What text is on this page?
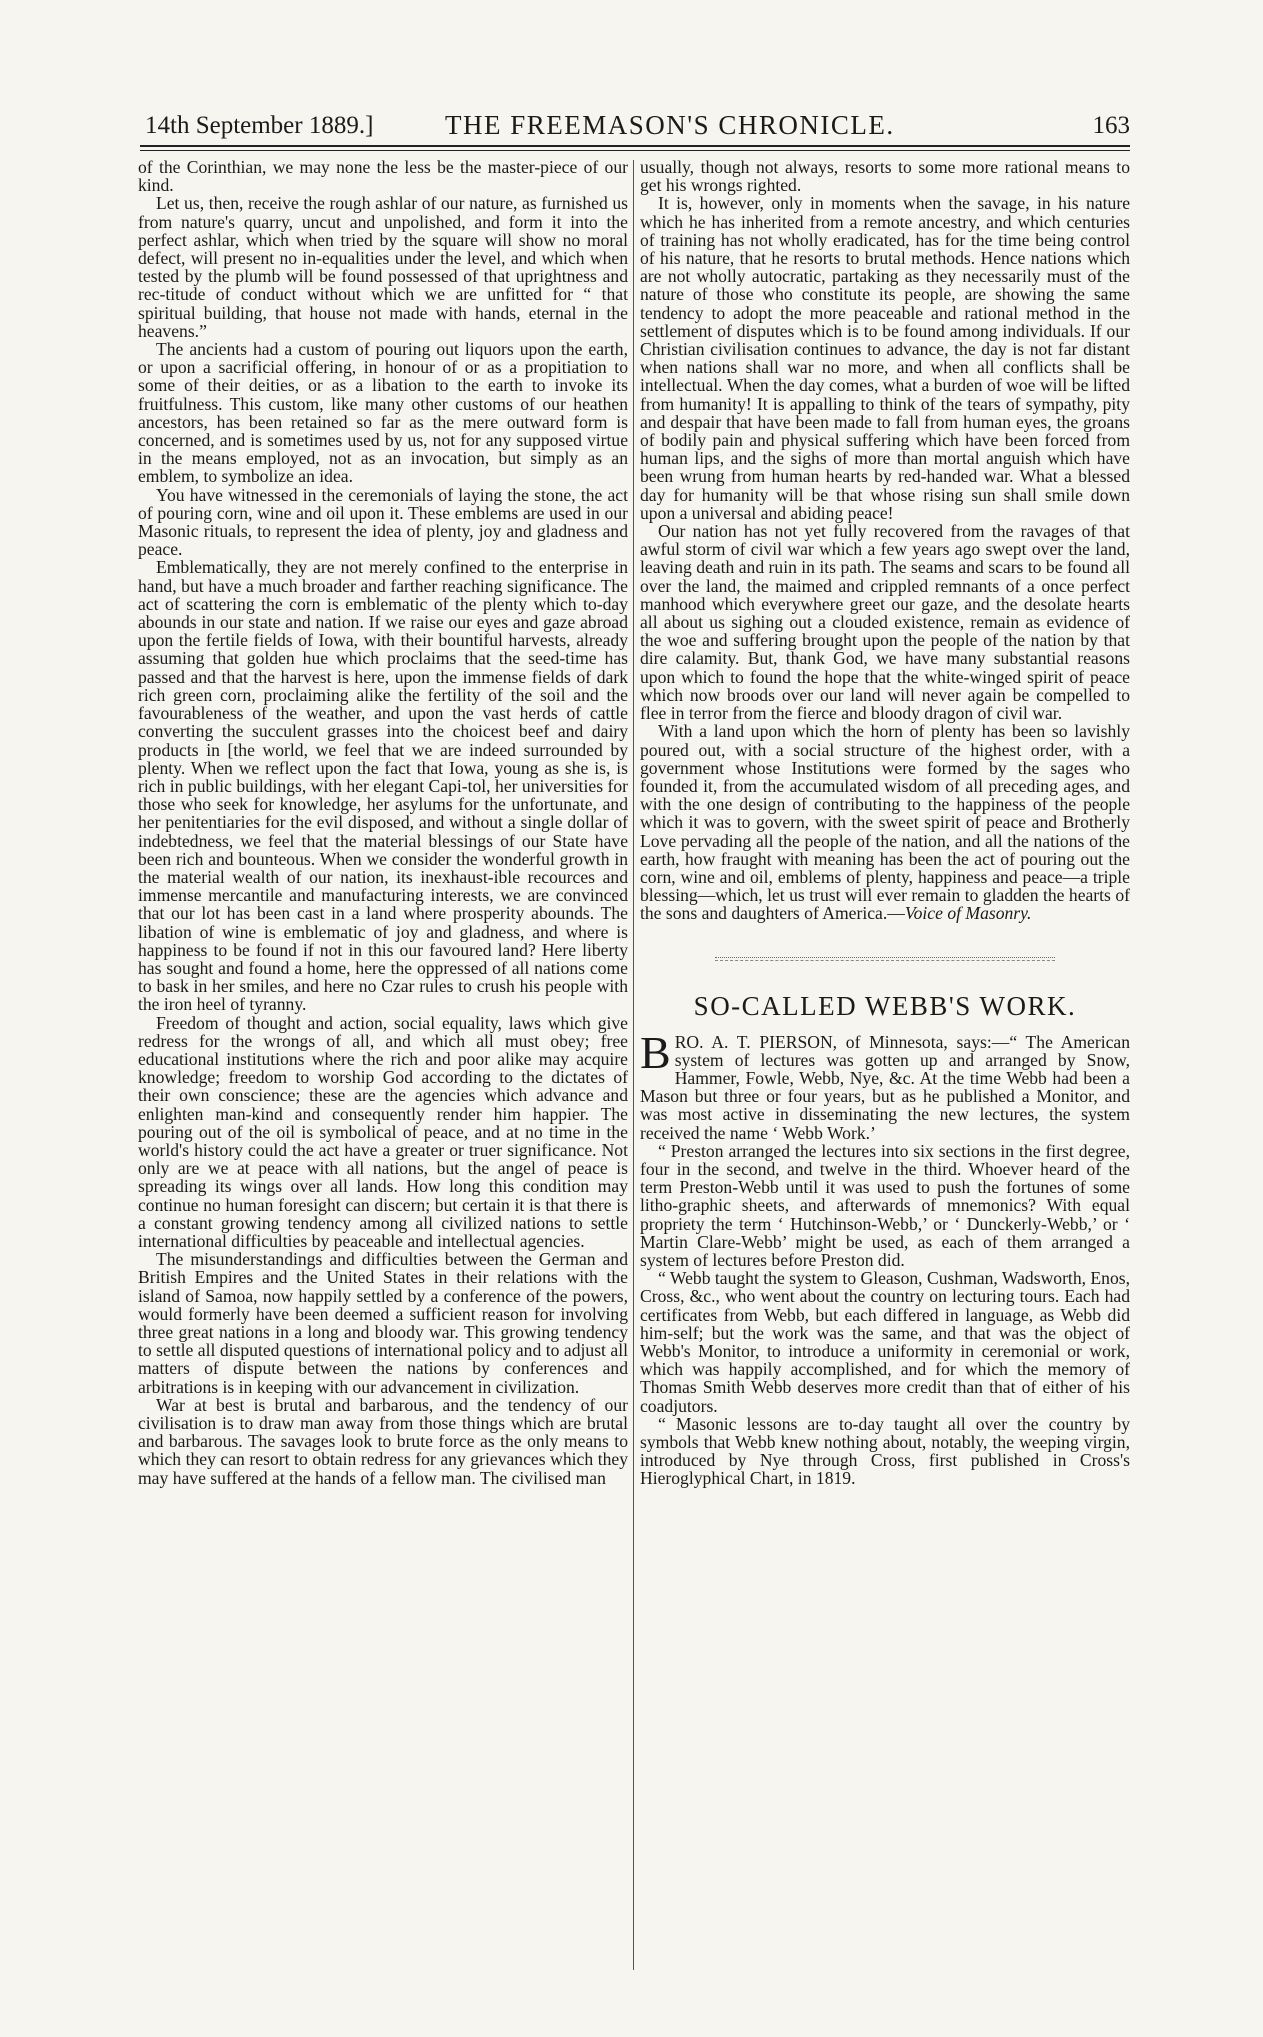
14th September 1889.]	THE FREEMASON'S CHRONICLE.	163

of the Corinthian, we may none the less be the master-piece of our kind.

Let us, then, receive the rough ashlar of our nature, as furnished us from nature's quarry, uncut and unpolished, and form it into the perfect ashlar, which when tried by the square will show no moral defect, will present no in-equalities under the level, and which when tested by the plumb will be found possessed of that uprightness and rec-titude of conduct without which we are unfitted for “ that spiritual building, that house not made with hands, eternal in the heavens.”

The ancients had a custom of pouring out liquors upon the earth, or upon a sacrificial offering, in honour of or as a propitiation to some of their deities, or as a libation to the earth to invoke its fruitfulness. This custom, like many other customs of our heathen ancestors, has been retained so far as the mere outward form is concerned, and is sometimes used by us, not for any supposed virtue in the means employed, not as an invocation, but simply as an emblem, to symbolize an idea.

You have witnessed in the ceremonials of laying the stone, the act of pouring corn, wine and oil upon it. These emblems are used in our Masonic rituals, to represent the idea of plenty, joy and gladness and peace.

Emblematically, they are not merely confined to the enterprise in hand, but have a much broader and farther reaching significance. The act of scattering the corn is emblematic of the plenty which to-day abounds in our state and nation. If we raise our eyes and gaze abroad upon the fertile fields of Iowa, with their bountiful harvests, already assuming that golden hue which proclaims that the seed-time has passed and that the harvest is here, upon the immense fields of dark rich green corn, proclaiming alike the fertility of the soil and the favourableness of the weather, and upon the vast herds of cattle converting the succulent grasses into the choicest beef and dairy products in [the world, we feel that we are indeed surrounded by plenty. When we reflect upon the fact that Iowa, young as she is, is rich in public buildings, with her elegant Capi-tol, her universities for those who seek for knowledge, her asylums for the unfortunate, and her penitentiaries for the evil disposed, and without a single dollar of indebtedness, we feel that the material blessings of our State have been rich and bounteous. When we consider the wonderful growth in the material wealth of our nation, its inexhaust-ible recources and immense mercantile and manufacturing interests, we are convinced that our lot has been cast in a land where prosperity abounds. The libation of wine is emblematic of joy and gladness, and where is happiness to be found if not in this our favoured land? Here liberty has sought and found a home, here the oppressed of all nations come to bask in her smiles, and here no Czar rules to crush his people with the iron heel of tyranny.

Freedom of thought and action, social equality, laws which give redress for the wrongs of all, and which all must obey; free educational institutions where the rich and poor alike may acquire knowledge; freedom to worship God according to the dictates of their own conscience; these are the agencies which advance and enlighten man-kind and consequently render him happier. The pouring out of the oil is symbolical of peace, and at no time in the world's history could the act have a greater or truer significance. Not only are we at peace with all nations, but the angel of peace is spreading its wings over all lands. How long this condition may continue no human foresight can discern; but certain it is that there is a constant growing tendency among all civilized nations to settle international difficulties by peaceable and intellectual agencies.

The misunderstandings and difficulties between the German and British Empires and the United States in their relations with the island of Samoa, now happily settled by a conference of the powers, would formerly have been deemed a sufficient reason for involving three great nations in a long and bloody war. This growing tendency to settle all disputed questions of international policy and to adjust all matters of dispute between the nations by conferences and arbitrations is in keeping with our advancement in civilization.

War at best is brutal and barbarous, and the tendency of our civilisation is to draw man away from those things which are brutal and barbarous. The savages look to brute force as the only means to which they can resort to obtain redress for any grievances which they may have suffered at the hands of a fellow man. The civilised man

usually, though not always, resorts to some more rational means to get his wrongs righted.

It is, however, only in moments when the savage, in his nature which he has inherited from a remote ancestry, and which centuries of training has not wholly eradicated, has for the time being control of his nature, that he resorts to brutal methods. Hence nations which are not wholly autocratic, partaking as they necessarily must of the nature of those who constitute its people, are showing the same tendency to adopt the more peaceable and rational method in the settlement of disputes which is to be found among individuals. If our Christian civilisation continues to advance, the day is not far distant when nations shall war no more, and when all conflicts shall be intellectual. When the day comes, what a burden of woe will be lifted from humanity! It is appalling to think of the tears of sympathy, pity and despair that have been made to fall from human eyes, the groans of bodily pain and physical suffering which have been forced from human lips, and the sighs of more than mortal anguish which have been wrung from human hearts by red-handed war. What a blessed day for humanity will be that whose rising sun shall smile down upon a universal and abiding peace!

Our nation has not yet fully recovered from the ravages of that awful storm of civil war which a few years ago swept over the land, leaving death and ruin in its path. The seams and scars to be found all over the land, the maimed and crippled remnants of a once perfect manhood which everywhere greet our gaze, and the desolate hearts all about us sighing out a clouded existence, remain as evidence of the woe and suffering brought upon the people of the nation by that dire calamity. But, thank God, we have many substantial reasons upon which to found the hope that the white-winged spirit of peace which now broods over our land will never again be compelled to flee in terror from the fierce and bloody dragon of civil war.

With a land upon which the horn of plenty has been so lavishly poured out, with a social structure of the highest order, with a government whose Institutions were formed by the sages who founded it, from the accumulated wisdom of all preceding ages, and with the one design of contributing to the happiness of the people which it was to govern, with the sweet spirit of peace and Brotherly Love pervading all the people of the nation, and all the nations of the earth, how fraught with meaning has been the act of pouring out the corn, wine and oil, emblems of plenty, happiness and peace—a triple blessing—which, let us trust will ever remain to gladden the hearts of the sons and daughters of America.—Voice of Masonry.

SO-CALLED WEBB'S WORK.

BRO. A. T. PIERSON, of Minnesota, says:—“ The American system of lectures was gotten up and arranged by Snow, Hammer, Fowle, Webb, Nye, &c. At the time Webb had been a Mason but three or four years, but as he published a Monitor, and was most active in disseminating the new lectures, the system received the name ‘ Webb Work.’

“ Preston arranged the lectures into six sections in the first degree, four in the second, and twelve in the third. Whoever heard of the term Preston-Webb until it was used to push the fortunes of some litho-graphic sheets, and afterwards of mnemonics? With equal propriety the term ‘ Hutchinson-Webb,’ or ‘ Dunckerly-Webb,’ or ‘ Martin Clare-Webb’ might be used, as each of them arranged a system of lectures before Preston did.

“ Webb taught the system to Gleason, Cushman, Wadsworth, Enos, Cross, &c., who went about the country on lecturing tours. Each had certificates from Webb, but each differed in language, as Webb did him-self; but the work was the same, and that was the object of Webb's Monitor, to introduce a uniformity in ceremonial or work, which was happily accomplished, and for which the memory of Thomas Smith Webb deserves more credit than that of either of his coadjutors.

“ Masonic lessons are to-day taught all over the country by symbols that Webb knew nothing about, notably, the weeping virgin, introduced by Nye through Cross, first published in Cross's Hieroglyphical Chart, in 1819.
